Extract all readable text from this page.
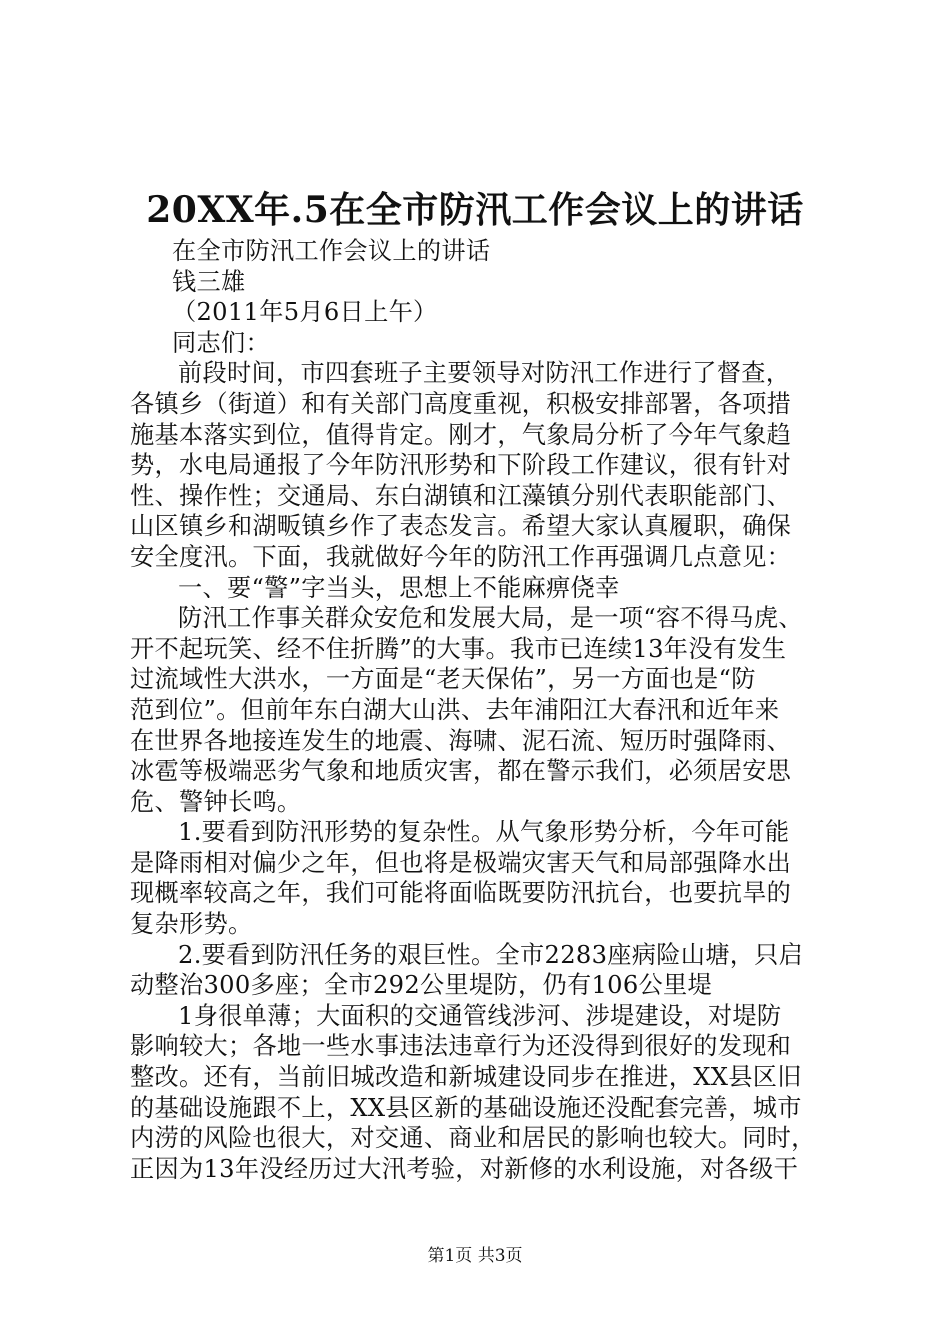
20XX年.5在全市防汛工作会议上的讲话
在全市防汛工作会议上的讲话
钱三雄
（2011年5月6日上午）
同志们：
前段时间，市四套班子主要领导对防汛工作进行了督查，
各镇乡（街道）和有关部门高度重视，积极安排部署，各项措
施基本落实到位，值得肯定。刚才，气象局分析了今年气象趋
势，水电局通报了今年防汛形势和下阶段工作建议，很有针对
性、操作性；交通局、东白湖镇和江藻镇分别代表职能部门、
山区镇乡和湖畈镇乡作了表态发言。希望大家认真履职，确保
安全度汛。下面，我就做好今年的防汛工作再强调几点意见：
一、要“警”字当头，思想上不能麻痹侥幸
防汛工作事关群众安危和发展大局，是一项“容不得马虎、
开不起玩笑、经不住折腾”的大事。我市已连续13年没有发生
过流域性大洪水，一方面是“老天保佑”，另一方面也是“防
范到位”。但前年东白湖大山洪、去年浦阳江大春汛和近年来
在世界各地接连发生的地震、海啸、泥石流、短历时强降雨、
冰雹等极端恶劣气象和地质灾害，都在警示我们，必须居安思
危、警钟长鸣。
1.要看到防汛形势的复杂性。从气象形势分析，今年可能
是降雨相对偏少之年，但也将是极端灾害天气和局部强降水出
现概率较高之年，我们可能将面临既要防汛抗台，也要抗旱的
复杂形势。
2.要看到防汛任务的艰巨性。全市2283座病险山塘，只启
动整治300多座；全市292公里堤防，仍有106公里堤
1身很单薄；大面积的交通管线涉河、涉堤建设，对堤防
影响较大；各地一些水事违法违章行为还没得到很好的发现和
整改。还有，当前旧城改造和新城建设同步在推进，XX县区旧
的基础设施跟不上，XX县区新的基础设施还没配套完善，城市
内涝的风险也很大，对交通、商业和居民的影响也较大。同时，
正因为13年没经历过大汛考验，对新修的水利设施，对各级干
第1页 共3页
